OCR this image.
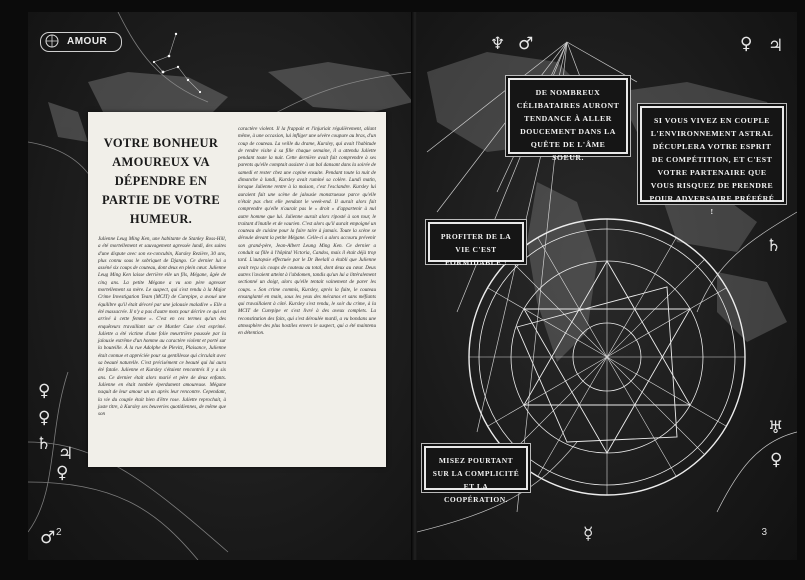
2
AMOUR
♀
♀
♄ ♃
♀
♂
VOTRE BONHEUR AMOUREUX VA DÉPENDRE EN PARTIE DE VOTRE HUMEUR.
Julienne Leug Ming Ken, une habitante de Stanley Ross-Hill, a été mortellement et sauvagement agressée lundi, des suites d'une dispute avec son ex-concubin, Kursley Rezière, 30 ans, plus connu sous le sobriquet de Django. Ce dernier lui a asséné six coups de couteau, dont deux en plein cœur. Julienne Leug Ming Ken laisse derrière elle un fils, Mégane, âgée de cinq ans. La petite Mégane a vu son père agresser mortellement sa mère. Le suspect, qui s'est rendu à la Major Crime Investigation Team (MCIT) de Curepipe, a avoué une équilibre qu'il était dévoré par une jalousie maladive « Elle a été massacrée. Il n'y a pas d'autre mots pour décrire ce qui est arrivé à cette femme ». C'est en ces termes qu'un des enquêteurs travaillant sur ce Murder Case s'est exprimé. Juliette a été victime d'une folie meurtrière poussée par la jalousie extrême d'un homme au caractère violent et porté sur la bouteille. À la rue Adolphe de Plevitz, Plaisance, Julienne était connue et appréciée pour sa gentillesse qui circulait avec sa beauté naturelle. C'est précisément ce beauté qui lui aura été fatale. Julienne et Kursley s'étaient rencontrés il y a six ans. Ce dernier était alors marié et père de deux enfants. Julienne en était tombée éperdument amoureuse. Mégane naquit de leur amour un an après leur rencontre. Cependant, la vie du couple était bien d'être rose. Juliette reprochait, à juste titre, à Kursley ses beuveries quotidiennes, de même que son
caractère violent. Il la frappait et l'injuriait régulièrement, allant même, à une occasion, lui infliger une sévère coupure au bras, d'un coup de couteau. La veille du drame, Kursley, qui avait l'habitude de rendre visite à sa fille chaque semaine, il a attendu Juliette pendant toute la nuit. Cette dernière avait fait comprendre à ses parents qu'elle comptait assister à un bal dansant dans la soirée de samedi et rester chez une copine ensuite. Pendant toute la nuit de dimanche à lundi, Kursley avait ruminé sa colère. Lundi matin, lorsque Julienne rentre à la maison, c'est l'esclandre. Kursley lui auraient fait une scène de jalousie monstrueuse parce qu'elle n'était pas chez elle pendant le week-end. Il aurait alors fait comprendre qu'elle n'aurait pas le « droit » d'appartenir à nul autre homme que lui. Julienne aurait alors riposté à son tour, le traitant d'inutile et de vaurien. C'est alors qu'il aurait empoigné un couteau de cuisine pour la faire taire à jamais. Toute la scène se déroule devant la petite Mégane. Celle-ci a alors accouru prévenir son grand-père, Jean-Albert Leung Ming Ken. Ce dernier a conduit sa fille à l'hôpital Victoria, Candos, mais il était déjà trop tard. L'autopsie effectuée par le Dr Beelall a établi que Julienne avait reçu six coups de couteau au total, dont deux au cœur. Deux autres l'avaient atteint à l'abdomen, tandis qu'un lui a littéralement sectionné un doigt, alors qu'elle tentait vainement de parer les coups. « Son crime commis, Kursley, après la fuite, le couteau ensanglanté en main, sous les yeux des mécanos et sans méfiants qui travaillaient à côté. Kursley s'est rendu, le soir du crime, à la MCIT de Curepipe et s'est livré à des aveux complets. La reconstitution des faits, qui s'est déroulée mardi, a vu bondans une atmosphère des plus hostiles envers le suspect, qui a été maintenu en détention.
3
♆ ♂	♀ ♃
♄
♅
♀
☿
DE NOMBREUX CÉLIBATAIRES AURONT TENDANCE À ALLER DOUCEMENT DANS LA QUÊTE DE L'ÂME SOEUR.
SI VOUS VIVEZ EN COUPLE L'ENVIRONNEMENT ASTRAL DÉCUPLERA VOTRE ESPRIT DE COMPÉTITION, ET C'EST VOTRE PARTENAIRE QUE VOUS RISQUEZ DE PRENDRE POUR ADVERSAIRE PRÉFÉRÉ !
PROFITER DE LA VIE C'EST FORMIDABLE !
MISEZ POURTANT SUR LA COMPLICITÉ ET LA COOPÉRATION.
